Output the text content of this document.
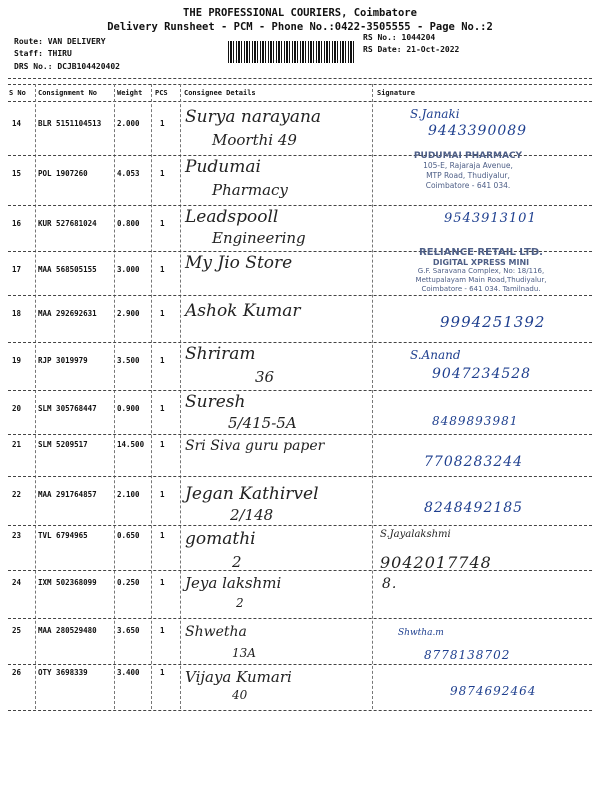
THE PROFESSIONAL COURIERS, Coimbatore
Delivery Runsheet - PCM - Phone No.:0422-3505555 - Page No.:2
Route: VAN DELIVERY
Staff: THIRU
DRS No.: DCJB104420402
RS No.: 1044204
RS Date: 21-Oct-2022
S No Consignment No	Weight PCS Consignee Details	Signature
14 BLR 5151104513 2.000	1 Surya narayana
Moorthi 49
S.Janaki
9443390089
15 POL 1907260	4.053	1 Pudumai
Pharmacy
PUDUMAI PHARMACY
105-E, Rajaraja Avenue,
MTP Road, Thudiyalur,
Coimbatore - 641 034.
16 KUR 527681024	0.800	1 Leadspooll
Engineering
9543913101
17 MAA 568505155	3.000	1 My Jio Store
RELIANCE RETAIL LTD.
DIGITAL XPRESS MINI
G.F. Saravana Complex, No: 18/116,
Mettupalayam Main Road,Thudiyalur,
Coimbatore - 641 034. Tamilnadu.
18 MAA 292692631	2.900	1 Ashok Kumar
9994251392
19 RJP 3019979	3.500	1 Shriram
36
S.Anand
9047234528
20 SLM 305768447	0.900	1 Suresh
5/415-5A	8489893981
21 SLM 5209517	14.500 1 Sri Siva guru paper
7708283244
22 MAA 291764857	2.100	1 Jegan Kathirvel
2/148	8248492185
23 TVL 6794965	0.650	1 gomathi
2
S.Jayalakshmi
9042017748
24 IXM 502368099	0.250	1 Jeya lakshmi
2
8.
25 MAA 280529480	3.650	1 Shwetha
13A
Shwtha.m
8778138702
26 OTY 3698339	3.400	1 Vijaya Kumari
40	9874692464
